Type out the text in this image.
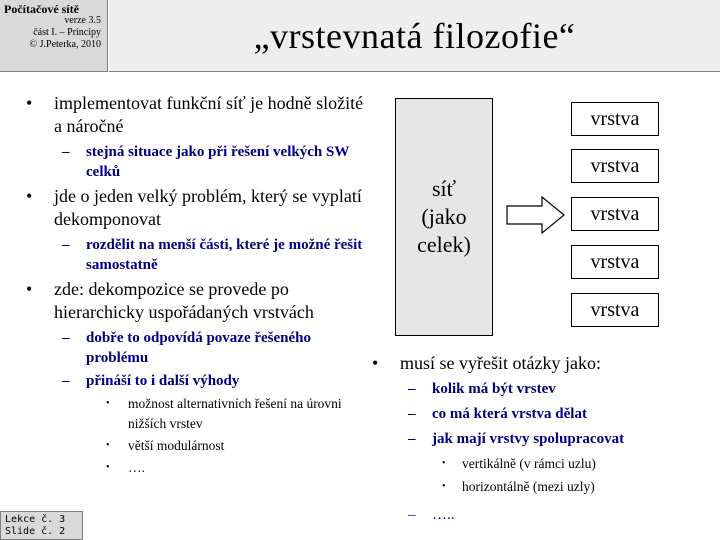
Počítačové sítě
verze 3.5
část I. – Principy
© J.Peterka, 2010	„vrstevnatá filozofie“
•	implementovat funkční síť je hodně složité a náročné
– stejná situace jako při řešení velkých SW celků
•	jde o jeden velký problém, který se vyplatí dekomponovat
– rozdělit na menší části, které je možné řešit samostatně
•	zde: dekompozice se provede po hierarchicky uspořádaných vrstvách
– dobře to odpovídá povaze řešeného problému
– přináší to i další výhody
• možnost alternativních řešení na úrovni nižších vrstev
• větší modulárnost
• ….
síť
(jako
celek)
vrstva
vrstva
vrstva
vrstva
vrstva
• musí se vyřešit otázky jako:
– kolik má být vrstev
– co má která vrstva dělat
– jak mají vrstvy spolupracovat
• vertikálně (v rámci uzlu)
• horizontálně (mezi uzly)
– …..
Lekce č. 3
Slide č. 2
